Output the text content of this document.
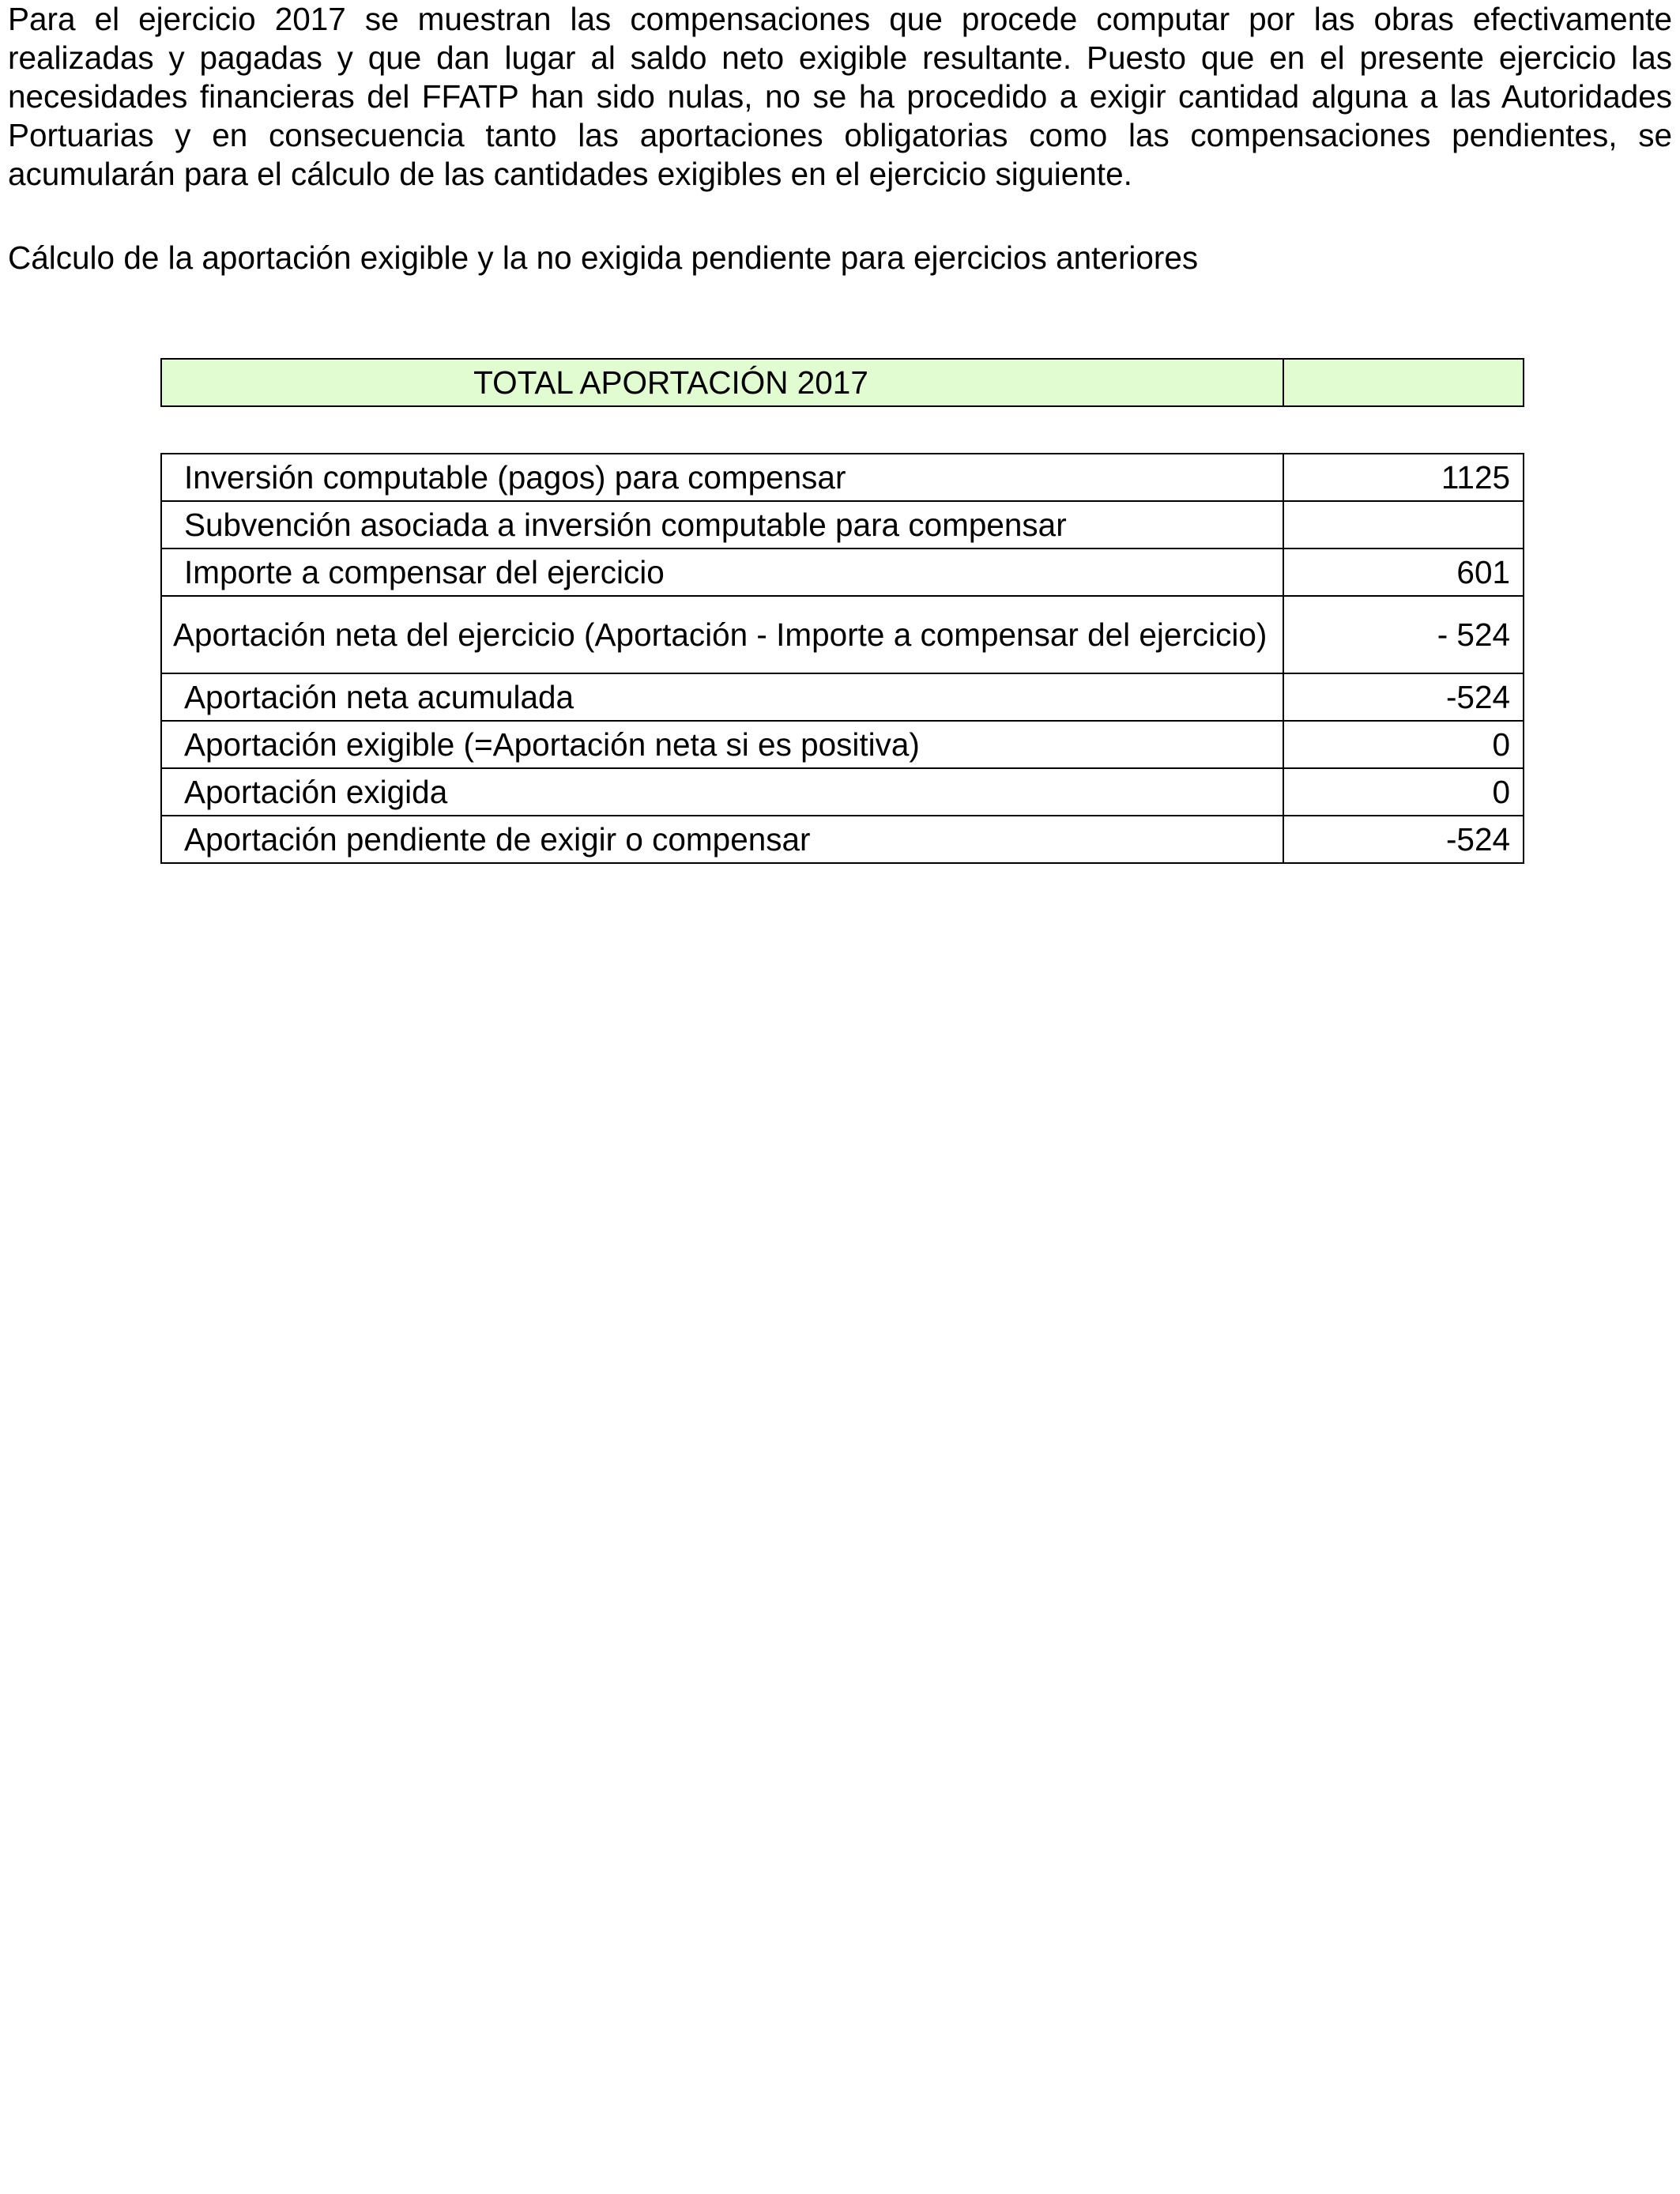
Para el ejercicio 2017 se muestran las compensaciones que procede computar por las obras efectivamente realizadas y pagadas y que dan lugar al saldo neto exigible resultante. Puesto que en el presente ejercicio las necesidades financieras del FFATP han sido nulas, no se ha procedido a exigir cantidad alguna a las Autoridades Portuarias y en consecuencia tanto las aportaciones obligatorias como las compensaciones pendientes, se acumularán para el cálculo de las cantidades exigibles en el ejercicio siguiente.

Cálculo de la aportación exigible y la no exigida pendiente para ejercicios anteriores

TOTAL APORTACIÓN 2017	
Inversión computable (pagos) para compensar	1125
Subvención asociada a inversión computable para compensar	
Importe a compensar del ejercicio	601
Aportación neta del ejercicio (Aportación - Importe a compensar del ejercicio)	- 524
Aportación neta acumulada	-524
Aportación exigible (=Aportación neta si es positiva)	0
Aportación exigida	0
Aportación pendiente de exigir o compensar	-524
